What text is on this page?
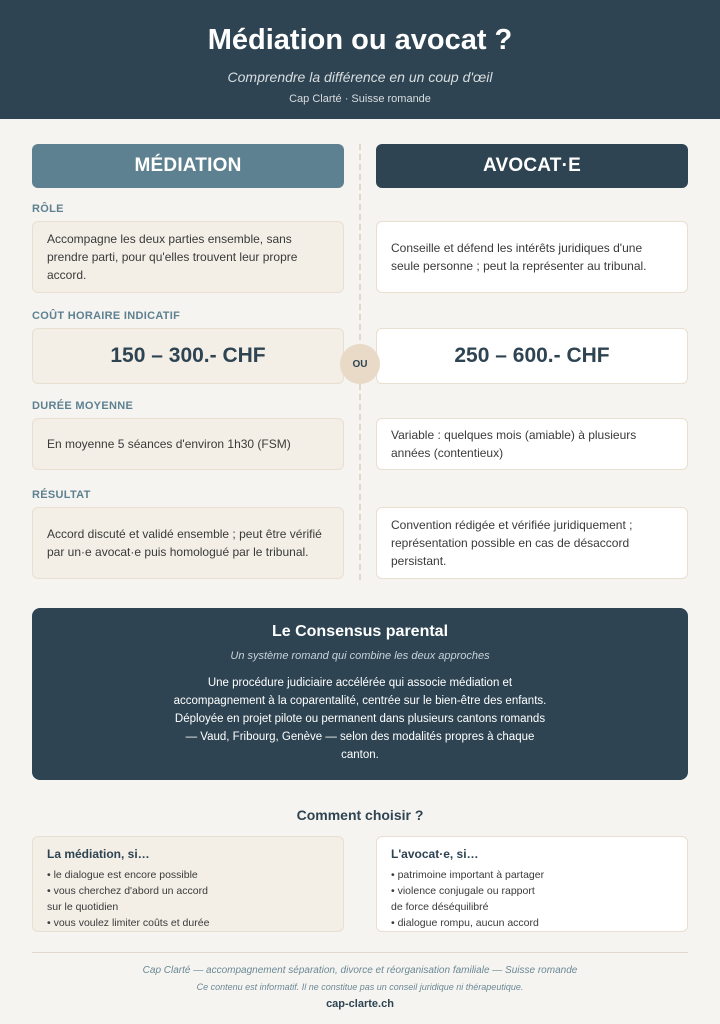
Médiation ou avocat ?
Comprendre la différence en un coup d'œil
Cap Clarté · Suisse romande
MÉDIATION	AVOCAT·E
RÔLE
Accompagne les deux parties ensemble, sans prendre parti, pour qu'elles trouvent leur propre accord.
Conseille et défend les intérêts juridiques d'une seule personne ; peut la représenter au tribunal.
COÛT HORAIRE INDICATIF
150 – 300.- CHF	250 – 600.- CHF
OU
DURÉE MOYENNE
En moyenne 5 séances d'environ 1h30 (FSM)
Variable : quelques mois (amiable) à plusieurs années (contentieux)
RÉSULTAT
Accord discuté et validé ensemble ; peut être vérifié par un·e avocat·e puis homologué par le tribunal.
Convention rédigée et vérifiée juridiquement ; représentation possible en cas de désaccord persistant.
Le Consensus parental
Un système romand qui combine les deux approches

Une procédure judiciaire accélérée qui associe médiation et accompagnement à la coparentalité, centrée sur le bien-être des enfants. Déployée en projet pilote ou permanent dans plusieurs cantons romands — Vaud, Fribourg, Genève — selon des modalités propres à chaque canton.

Comment choisir ?
La médiation, si…
• le dialogue est encore possible
• vous cherchez d'abord un accord
sur le quotidien
• vous voulez limiter coûts et durée
L'avocat·e, si…
• patrimoine important à partager
• violence conjugale ou rapport
de force déséquilibré
• dialogue rompu, aucun accord
Cap Clarté — accompagnement séparation, divorce et réorganisation familiale — Suisse romande
Ce contenu est informatif. Il ne constitue pas un conseil juridique ni thérapeutique.
cap-clarte.ch
